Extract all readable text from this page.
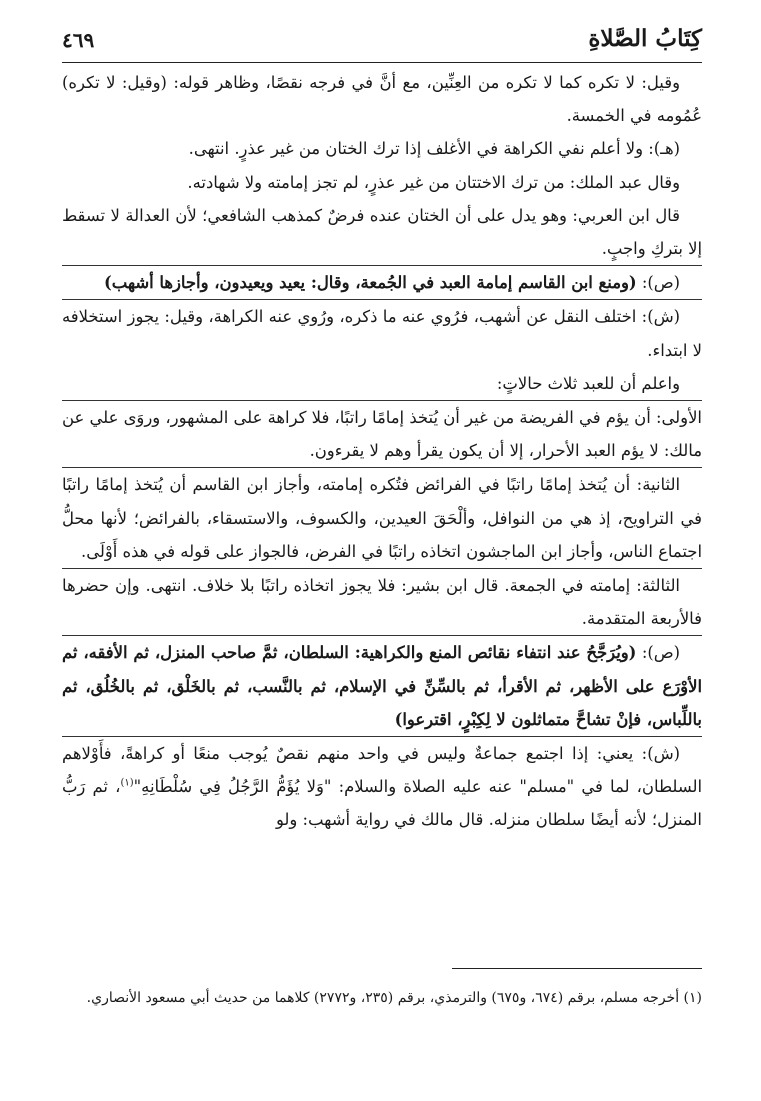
كِتَابُ الصَّلاةِ
٤٦٩

وقيل: لا تكره كما لا تكره من العِنِّين، مع أنَّ في فرجه نقصًا، وظاهر قوله: (وقيل: لا تكره) عُمُومه في الخمسة.

(هـ): ولا أعلم نفي الكراهة في الأغلف إذا ترك الختان من غير عذرٍ. انتهى.

وقال عبد الملك: من ترك الاختتان من غير عذرٍ، لم تجز إمامته ولا شهادته.

قال ابن العربي: وهو يدل على أن الختان عنده فرضٌ كمذهب الشافعي؛ لأن العدالة لا تسقط إلا بتركِ واجبٍ.

(ص): (ومنع ابن القاسم إمامة العبد في الجُمعة، وقال: يعيد ويعيدون، وأجازها أشهب)

(ش): اختلف النقل عن أشهب، فرُوي عنه ما ذكره، ورُوي عنه الكراهة، وقيل: يجوز استخلافه لا ابتداء.

واعلم أن للعبد ثلاث حالاتٍ:

الأولى: أن يؤم في الفريضة من غير أن يُتخذ إمامًا راتبًا، فلا كراهة على المشهور، وروَى علي عن مالك: لا يؤم العبد الأحرار، إلا أن يكون يقرأ وهم لا يقرءون.

الثانية: أن يُتخذ إمامًا راتبًا في الفرائض فتُكره إمامته، وأجاز ابن القاسم أن يُتخذ إمامًا راتبًا في التراويح، إذ هي من النوافل، وألْحَقَ العيدين، والكسوف، والاستسقاء، بالفرائض؛ لأنها محلُّ اجتماع الناس، وأجاز ابن الماجشون اتخاذه راتبًا في الفرض، فالجواز على قوله في هذه أَوْلَى.

الثالثة: إمامته في الجمعة. قال ابن بشير: فلا يجوز اتخاذه راتبًا بلا خلاف. انتهى. وإن حضرها فالأربعة المتقدمة.

(ص): (ويُرَجَّحُ عند انتفاء نقائص المنع والكراهية: السلطان، ثمَّ صاحب المنزل، ثم الأفقه، ثم الأوْرَع على الأظهر، ثم الأقرأ، ثم بالسِّنِّ في الإسلام، ثم بالنَّسب، ثم بالخَلْق، ثم بالخُلُق، ثم باللِّباس، فإنْ تشاحَّ متماثلون لا لِكِبْرٍ، اقترعوا)

(ش): يعني: إذا اجتمع جماعةٌ وليس في واحد منهم نقصٌ يُوجب منعًا أو كراهةً، فأَوْلاهم السلطان، لما في "مسلم" عنه عليه الصلاة والسلام: "وَلا يُؤَمُّ الرَّجُلُ فِي سُلْطَانِهِ"$^{(١)}$، ثم رَبُّ المنزل؛ لأنه أيضًا سلطان منزله. قال مالك في رواية أشهب: ولو

(١) أخرجه مسلم، برقم (٦٧٤، و٦٧٥) والترمذي، برقم (٢٣٥، و٢٧٧٢) كلاهما من حديث أبي مسعود الأنصاري.
